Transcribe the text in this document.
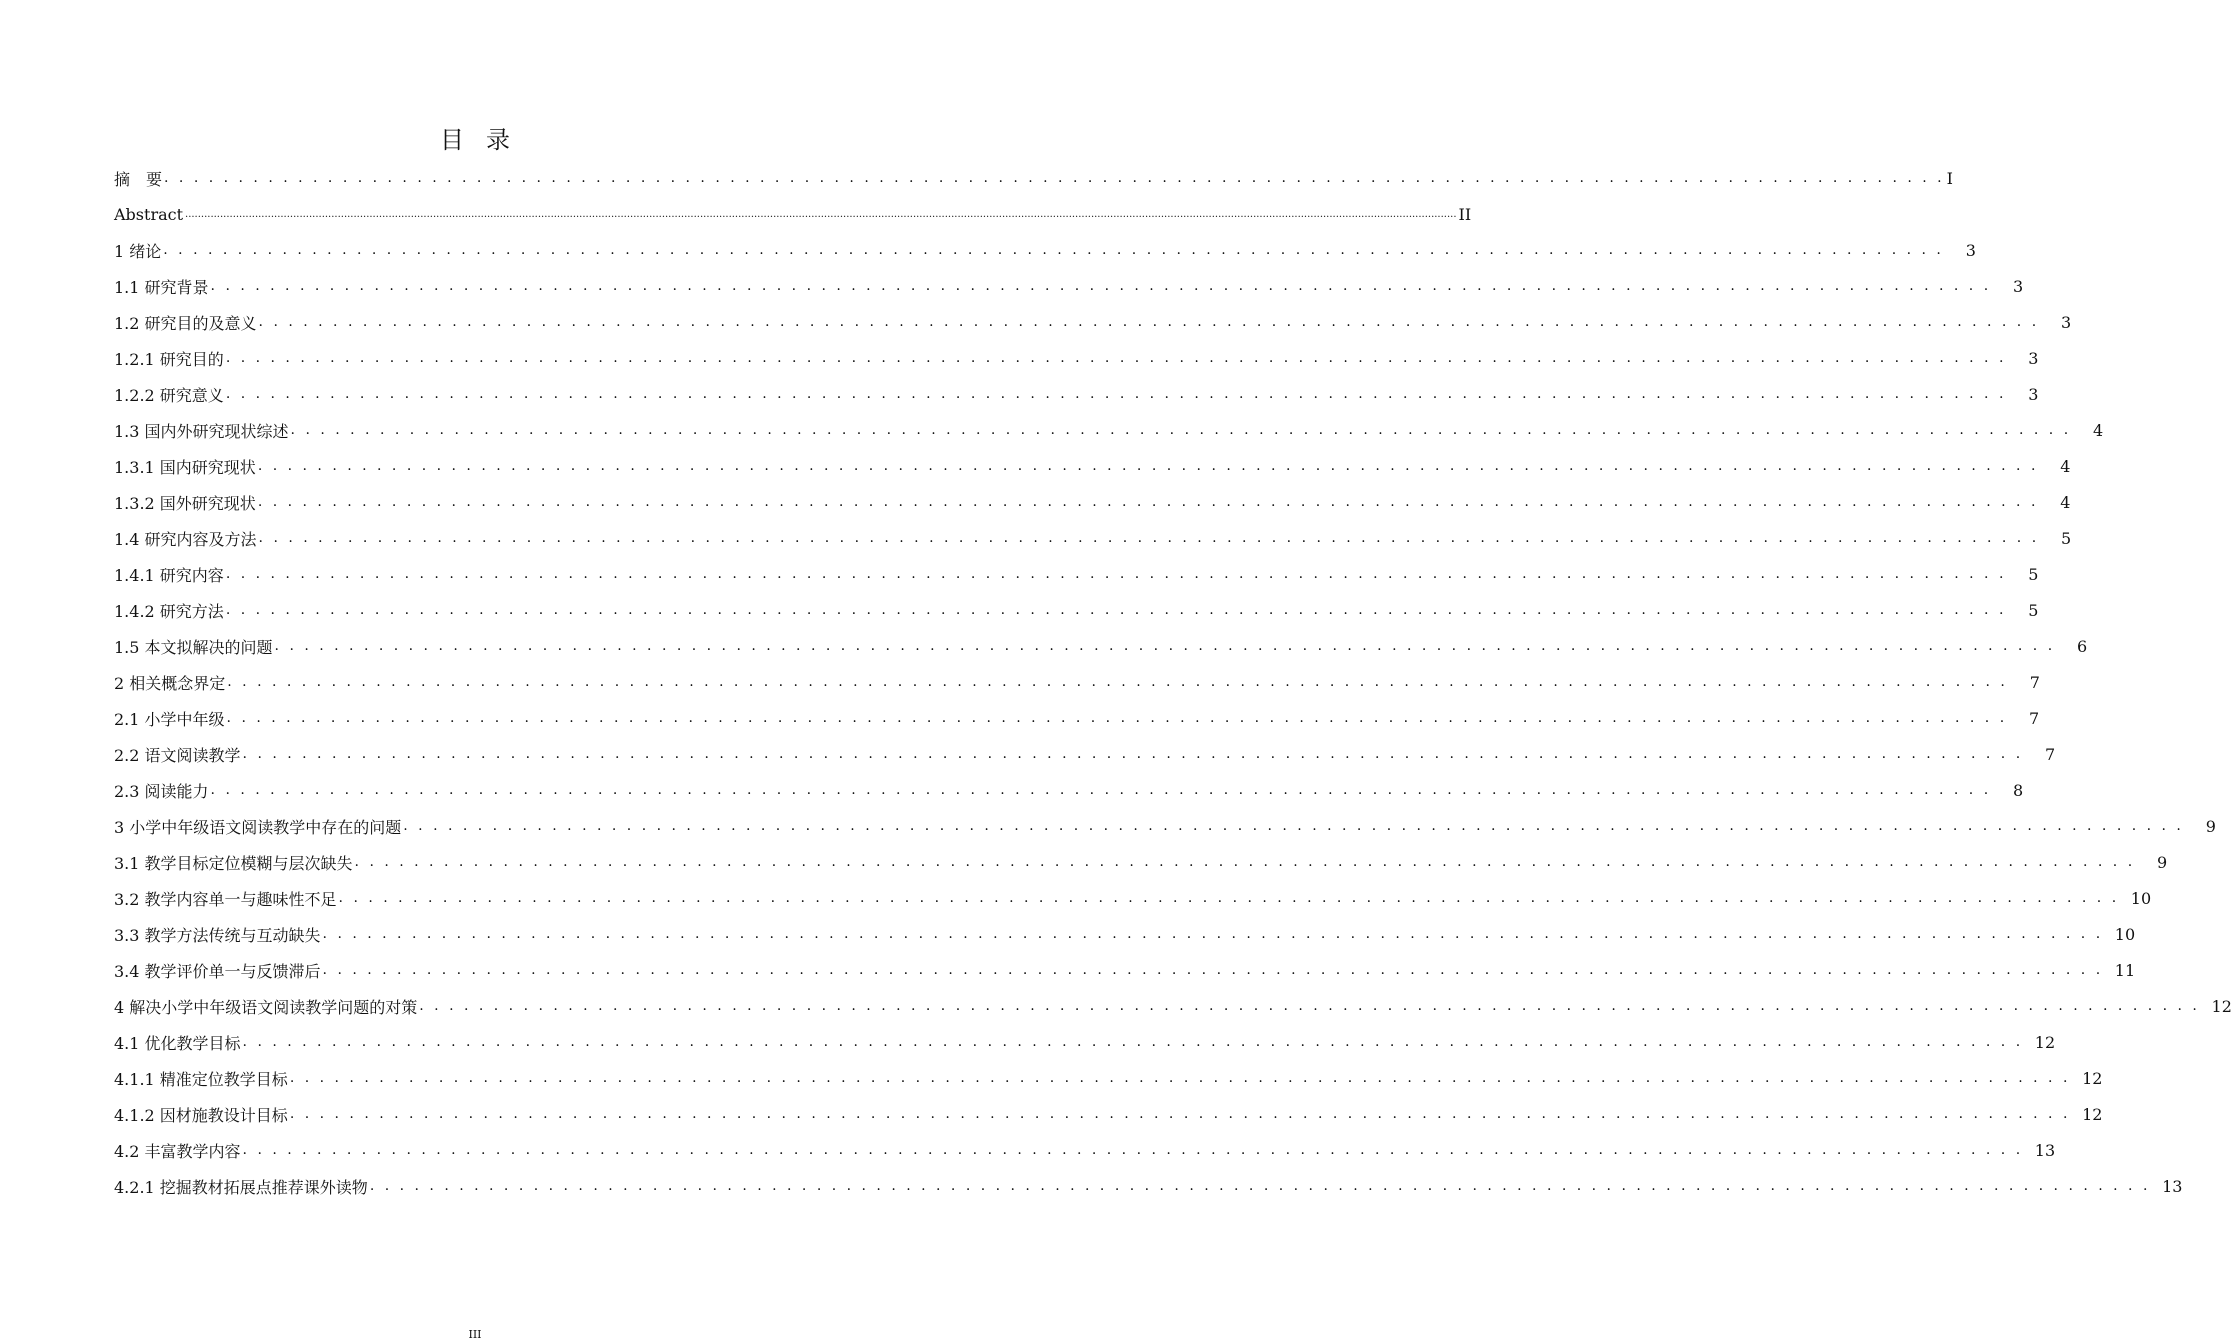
目 录
摘　要 . . . . . . . . . . . . . . . . . . . . . . . . . . . . . . . . . . . . . . . . . . . . . . . . . . . . . . . . . . . . . . . . . . . . . . . . . . . . . . . . . . . . . . . . . . . . . . . . . . . . . . . . . . . . . . . . . . . . . . . . I
Abstract ................................................................................................................................................................................................................................................................................................................................................................................................................ II
1 绪论 . . . . . . . . . . . . . . . . . . . . . . . . . . . . . . . . . . . . . . . . . . . . . . . . . . . . . . . . . . . . . . . . . . . . . . . . . . . . . . . . . . . . . . . . . . . . . . . . . . . . . . . . . . . . . . . . . . . . . . . .	3
1.1 研究背景 . . . . . . . . . . . . . . . . . . . . . . . . . . . . . . . . . . . . . . . . . . . . . . . . . . . . . . . . . . . . . . . . . . . . . . . . . . . . . . . . . . . . . . . . . . . . . . . . . . . . . . . . . . . . . . . . . . . . . . . .	3
1.2 研究目的及意义 . . . . . . . . . . . . . . . . . . . . . . . . . . . . . . . . . . . . . . . . . . . . . . . . . . . . . . . . . . . . . . . . . . . . . . . . . . . . . . . . . . . . . . . . . . . . . . . . . . . . . . . . . . . . . . . . . . . . . . . .	3
1.2.1 研究目的 . . . . . . . . . . . . . . . . . . . . . . . . . . . . . . . . . . . . . . . . . . . . . . . . . . . . . . . . . . . . . . . . . . . . . . . . . . . . . . . . . . . . . . . . . . . . . . . . . . . . . . . . . . . . . . . . . . . . . . . .	3
1.2.2 研究意义 . . . . . . . . . . . . . . . . . . . . . . . . . . . . . . . . . . . . . . . . . . . . . . . . . . . . . . . . . . . . . . . . . . . . . . . . . . . . . . . . . . . . . . . . . . . . . . . . . . . . . . . . . . . . . . . . . . . . . . . .	3
1.3 国内外研究现状综述 . . . . . . . . . . . . . . . . . . . . . . . . . . . . . . . . . . . . . . . . . . . . . . . . . . . . . . . . . . . . . . . . . . . . . . . . . . . . . . . . . . . . . . . . . . . . . . . . . . . . . . . . . . . . . . . . . . . . . . . .	4
1.3.1 国内研究现状 . . . . . . . . . . . . . . . . . . . . . . . . . . . . . . . . . . . . . . . . . . . . . . . . . . . . . . . . . . . . . . . . . . . . . . . . . . . . . . . . . . . . . . . . . . . . . . . . . . . . . . . . . . . . . . . . . . . . . . . .	4
1.3.2 国外研究现状 . . . . . . . . . . . . . . . . . . . . . . . . . . . . . . . . . . . . . . . . . . . . . . . . . . . . . . . . . . . . . . . . . . . . . . . . . . . . . . . . . . . . . . . . . . . . . . . . . . . . . . . . . . . . . . . . . . . . . . . .	4
1.4 研究内容及方法 . . . . . . . . . . . . . . . . . . . . . . . . . . . . . . . . . . . . . . . . . . . . . . . . . . . . . . . . . . . . . . . . . . . . . . . . . . . . . . . . . . . . . . . . . . . . . . . . . . . . . . . . . . . . . . . . . . . . . . . .	5
1.4.1 研究内容 . . . . . . . . . . . . . . . . . . . . . . . . . . . . . . . . . . . . . . . . . . . . . . . . . . . . . . . . . . . . . . . . . . . . . . . . . . . . . . . . . . . . . . . . . . . . . . . . . . . . . . . . . . . . . . . . . . . . . . . .	5
1.4.2 研究方法 . . . . . . . . . . . . . . . . . . . . . . . . . . . . . . . . . . . . . . . . . . . . . . . . . . . . . . . . . . . . . . . . . . . . . . . . . . . . . . . . . . . . . . . . . . . . . . . . . . . . . . . . . . . . . . . . . . . . . . . .	5
1.5 本文拟解决的问题 . . . . . . . . . . . . . . . . . . . . . . . . . . . . . . . . . . . . . . . . . . . . . . . . . . . . . . . . . . . . . . . . . . . . . . . . . . . . . . . . . . . . . . . . . . . . . . . . . . . . . . . . . . . . . . . . . . . . . . . .	6
2 相关概念界定 . . . . . . . . . . . . . . . . . . . . . . . . . . . . . . . . . . . . . . . . . . . . . . . . . . . . . . . . . . . . . . . . . . . . . . . . . . . . . . . . . . . . . . . . . . . . . . . . . . . . . . . . . . . . . . . . . . . . . . . .	7
2.1 小学中年级 . . . . . . . . . . . . . . . . . . . . . . . . . . . . . . . . . . . . . . . . . . . . . . . . . . . . . . . . . . . . . . . . . . . . . . . . . . . . . . . . . . . . . . . . . . . . . . . . . . . . . . . . . . . . . . . . . . . . . . . .	7
2.2 语文阅读教学 . . . . . . . . . . . . . . . . . . . . . . . . . . . . . . . . . . . . . . . . . . . . . . . . . . . . . . . . . . . . . . . . . . . . . . . . . . . . . . . . . . . . . . . . . . . . . . . . . . . . . . . . . . . . . . . . . . . . . . . .	7
2.3 阅读能力 . . . . . . . . . . . . . . . . . . . . . . . . . . . . . . . . . . . . . . . . . . . . . . . . . . . . . . . . . . . . . . . . . . . . . . . . . . . . . . . . . . . . . . . . . . . . . . . . . . . . . . . . . . . . . . . . . . . . . . . .	8
3 小学中年级语文阅读教学中存在的问题 . . . . . . . . . . . . . . . . . . . . . . . . . . . . . . . . . . . . . . . . . . . . . . . . . . . . . . . . . . . . . . . . . . . . . . . . . . . . . . . . . . . . . . . . . . . . . . . . . . . . . . . . . . . . . . . . . . . . . . . .	9
3.1 教学目标定位模糊与层次缺失 . . . . . . . . . . . . . . . . . . . . . . . . . . . . . . . . . . . . . . . . . . . . . . . . . . . . . . . . . . . . . . . . . . . . . . . . . . . . . . . . . . . . . . . . . . . . . . . . . . . . . . . . . . . . . . . . . . . . . . . .	9
3.2 教学内容单一与趣味性不足 . . . . . . . . . . . . . . . . . . . . . . . . . . . . . . . . . . . . . . . . . . . . . . . . . . . . . . . . . . . . . . . . . . . . . . . . . . . . . . . . . . . . . . . . . . . . . . . . . . . . . . . . . . . . . . . . . . . . . . . . 10
3.3 教学方法传统与互动缺失 . . . . . . . . . . . . . . . . . . . . . . . . . . . . . . . . . . . . . . . . . . . . . . . . . . . . . . . . . . . . . . . . . . . . . . . . . . . . . . . . . . . . . . . . . . . . . . . . . . . . . . . . . . . . . . . . . . . . . . . . 10
3.4 教学评价单一与反馈滞后 . . . . . . . . . . . . . . . . . . . . . . . . . . . . . . . . . . . . . . . . . . . . . . . . . . . . . . . . . . . . . . . . . . . . . . . . . . . . . . . . . . . . . . . . . . . . . . . . . . . . . . . . . . . . . . . . . . . . . . . . 11
4 解决小学中年级语文阅读教学问题的对策 . . . . . . . . . . . . . . . . . . . . . . . . . . . . . . . . . . . . . . . . . . . . . . . . . . . . . . . . . . . . . . . . . . . . . . . . . . . . . . . . . . . . . . . . . . . . . . . . . . . . . . . . . . . . . . . . . . . . . . . . 12
4.1 优化教学目标 . . . . . . . . . . . . . . . . . . . . . . . . . . . . . . . . . . . . . . . . . . . . . . . . . . . . . . . . . . . . . . . . . . . . . . . . . . . . . . . . . . . . . . . . . . . . . . . . . . . . . . . . . . . . . . . . . . . . . . . . 12
4.1.1 精准定位教学目标 . . . . . . . . . . . . . . . . . . . . . . . . . . . . . . . . . . . . . . . . . . . . . . . . . . . . . . . . . . . . . . . . . . . . . . . . . . . . . . . . . . . . . . . . . . . . . . . . . . . . . . . . . . . . . . . . . . . . . . . . 12
4.1.2 因材施教设计目标 . . . . . . . . . . . . . . . . . . . . . . . . . . . . . . . . . . . . . . . . . . . . . . . . . . . . . . . . . . . . . . . . . . . . . . . . . . . . . . . . . . . . . . . . . . . . . . . . . . . . . . . . . . . . . . . . . . . . . . . . 12
4.2 丰富教学内容 . . . . . . . . . . . . . . . . . . . . . . . . . . . . . . . . . . . . . . . . . . . . . . . . . . . . . . . . . . . . . . . . . . . . . . . . . . . . . . . . . . . . . . . . . . . . . . . . . . . . . . . . . . . . . . . . . . . . . . . . 13
4.2.1 挖掘教材拓展点推荐课外读物 . . . . . . . . . . . . . . . . . . . . . . . . . . . . . . . . . . . . . . . . . . . . . . . . . . . . . . . . . . . . . . . . . . . . . . . . . . . . . . . . . . . . . . . . . . . . . . . . . . . . . . . . . . . . . . . . . . . . . . . . 13
III
